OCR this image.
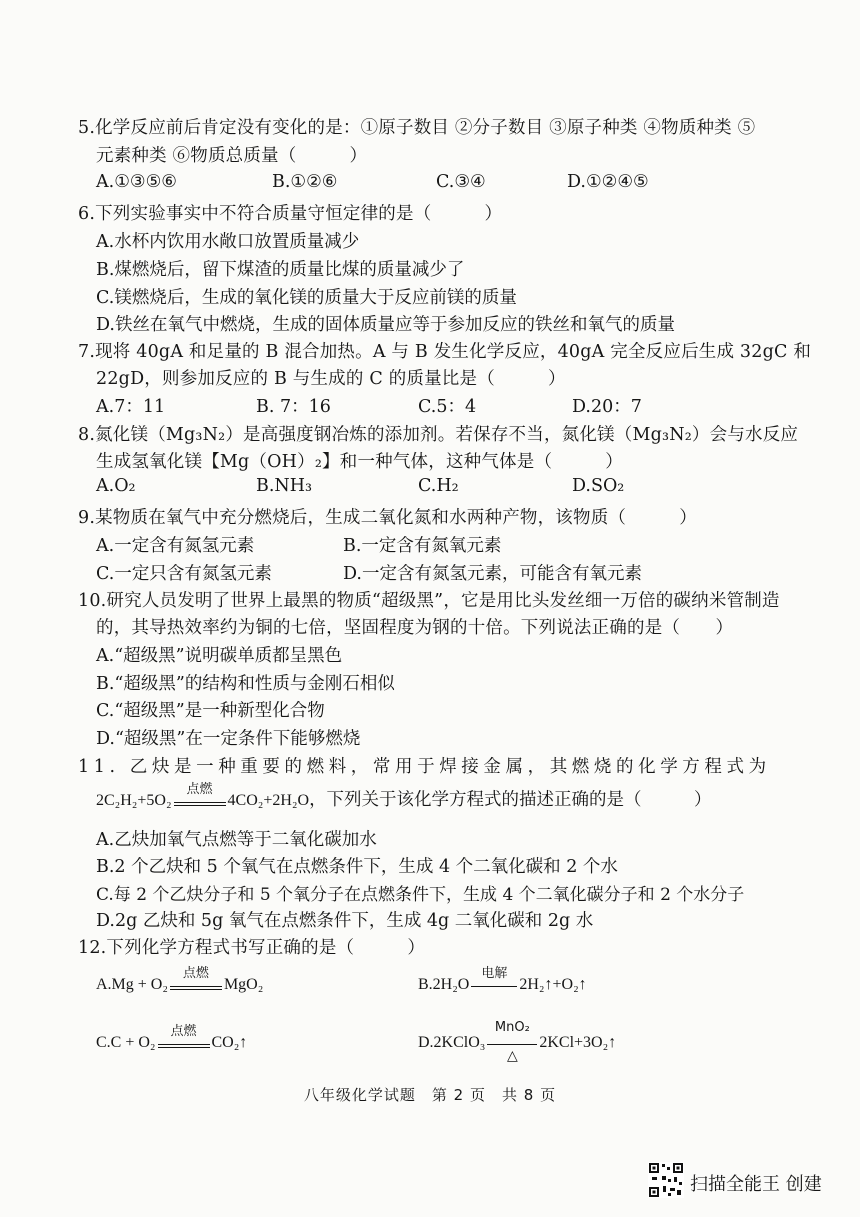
5.化学反应前后肯定没有变化的是：①原子数目 ②分子数目 ③原子种类 ④物质种类 ⑤
元素种类 ⑥物质总质量（　　　）
A.①③⑤⑥	B.①②⑥	C.③④	D.①②④⑤
6.下列实验事实中不符合质量守恒定律的是（　　　）
A.水杯内饮用水敞口放置质量减少
B.煤燃烧后，留下煤渣的质量比煤的质量减少了
C.镁燃烧后，生成的氧化镁的质量大于反应前镁的质量
D.铁丝在氧气中燃烧，生成的固体质量应等于参加反应的铁丝和氧气的质量
7.现将 40gA 和足量的 B 混合加热。A 与 B 发生化学反应，40gA 完全反应后生成 32gC 和
22gD，则参加反应的 B 与生成的 C 的质量比是（　　　）
A.7：11	B. 7：16	C.5：4	D.20：7
8.氮化镁（Mg₃N₂）是高强度钢冶炼的添加剂。若保存不当，氮化镁（Mg₃N₂）会与水反应
生成氢氧化镁【Mg（OH）₂】和一种气体，这种气体是（　　　）
A.O₂	B.NH₃	C.H₂	D.SO₂
9.某物质在氧气中充分燃烧后，生成二氧化氮和水两种产物，该物质（　　　）
A.一定含有氮氢元素	B.一定含有氮氧元素
C.一定只含有氮氢元素	D.一定含有氮氢元素，可能含有氧元素
10.研究人员发明了世界上最黑的物质“超级黑”，它是用比头发丝细一万倍的碳纳米管制造
的，其导热效率约为铜的七倍，坚固程度为钢的十倍。下列说法正确的是（　　）
A.“超级黑”说明碳单质都呈黑色
B.“超级黑”的结构和性质与金刚石相似
C.“超级黑”是一种新型化合物
D.“超级黑”在一定条件下能够燃烧
11. 乙炔是一种重要的燃料，常用于焊接金属，其燃烧的化学方程式为
2C₂H₂+5O₂
点燃
4CO₂+2H₂O，下列关于该化学方程式的描述正确的是（　　　）
A.乙炔加氧气点燃等于二氧化碳加水
B.2 个乙炔和 5 个氧气在点燃条件下，生成 4 个二氧化碳和 2 个水
C.每 2 个乙炔分子和 5 个氧分子在点燃条件下，生成 4 个二氧化碳分子和 2 个水分子
D.2g 乙炔和 5g 氧气在点燃条件下，生成 4g 二氧化碳和 2g 水
12.下列化学方程式书写正确的是（　　　）
A.Mg + O₂
点燃
MgO₂	B.2H₂O
电解
2H₂↑+O₂↑
C.C + O₂
点燃
CO₂↑	D.2KClO₃
MnO₂
△
2KCl+3O₂↑
八年级化学试题　第 2 页　共 8 页
扫描全能王 创建
